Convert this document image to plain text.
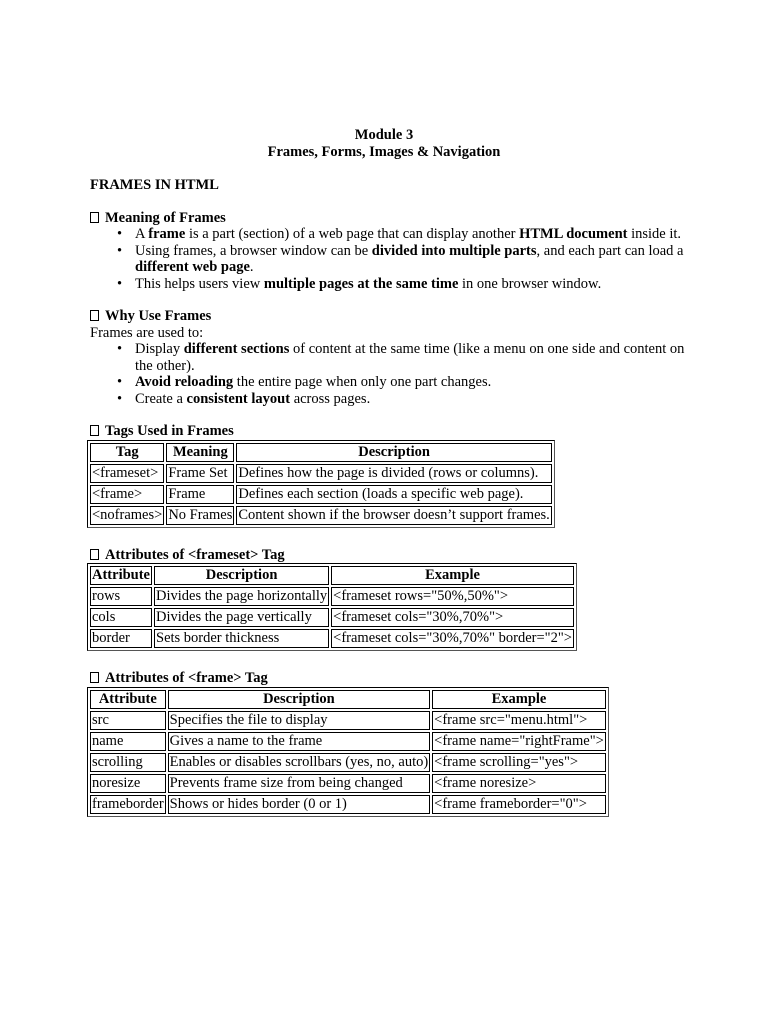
Module 3
Frames, Forms, Images & Navigation
FRAMES IN HTML
Meaning of Frames
• A frame is a part (section) of a web page that can display another HTML document inside it.
• Using frames, a browser window can be divided into multiple parts, and each part can load a different web page.
• This helps users view multiple pages at the same time in one browser window.
Why Use Frames
Frames are used to:
• Display different sections of content at the same time (like a menu on one side and content on the other).
• Avoid reloading the entire page when only one part changes.
• Create a consistent layout across pages.
Tags Used in Frames
Tag	Meaning	Description
<frameset>	Frame Set	Defines how the page is divided (rows or columns).
<frame>	Frame	Defines each section (loads a specific web page).
<noframes>	No Frames	Content shown if the browser doesn’t support frames.
Attributes of <frameset> Tag
Attribute	Description	Example
rows	Divides the page horizontally	<frameset rows="50%,50%">
cols	Divides the page vertically	<frameset cols="30%,70%">
border	Sets border thickness	<frameset cols="30%,70%" border="2">
Attributes of <frame> Tag
Attribute	Description	Example
src	Specifies the file to display	<frame src="menu.html">
name	Gives a name to the frame	<frame name="rightFrame">
scrolling	Enables or disables scrollbars (yes, no, auto)	<frame scrolling="yes">
noresize	Prevents frame size from being changed	<frame noresize>
frameborder	Shows or hides border (0 or 1)	<frame frameborder="0">
